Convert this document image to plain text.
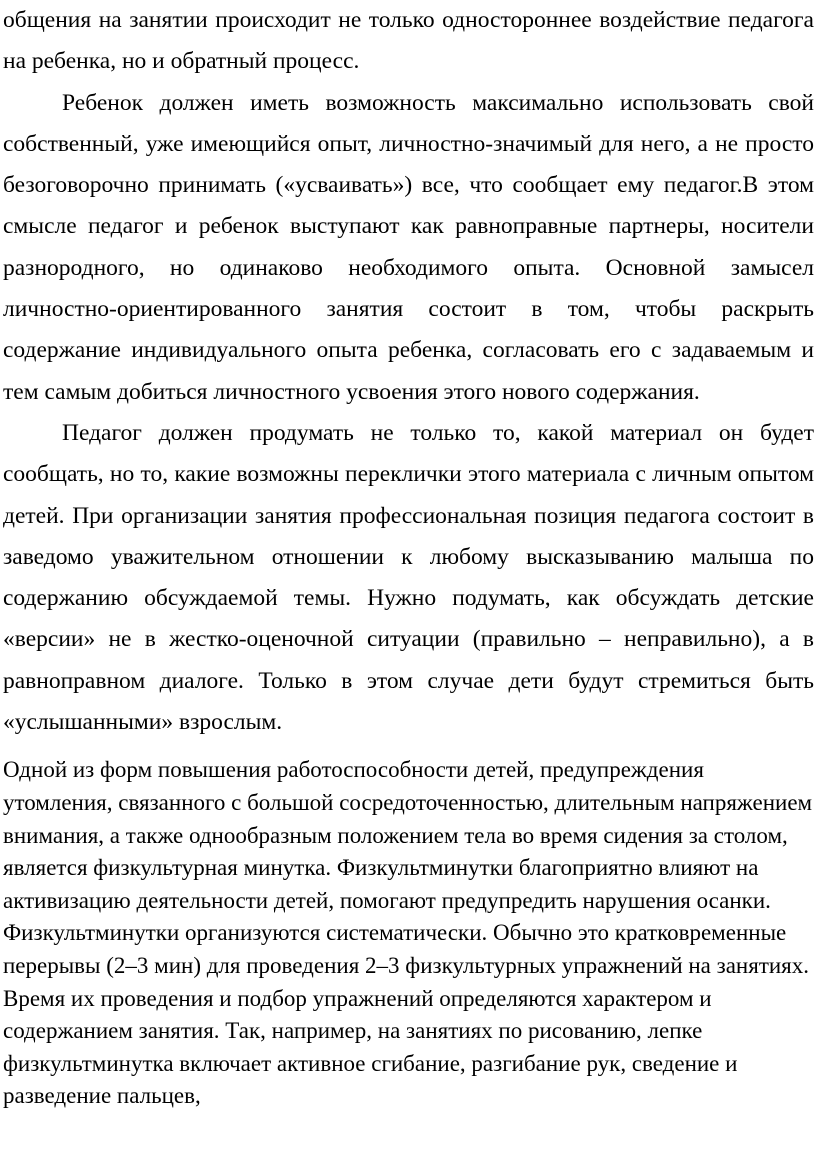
общения на занятии происходит не только одностороннее воздействие педагога на ребенка, но и обратный процесс.

Ребенок должен иметь возможность максимально использовать свой собственный, уже имеющийся опыт, личностно-значимый для него, а не просто безоговорочно принимать («усваивать») все, что сообщает ему педагог.В этом смысле педагог и ребенок выступают как равноправные партнеры, носители разнородного, но одинаково необходимого опыта. Основной замысел личностно-ориентированного занятия состоит в том, чтобы раскрыть содержание индивидуального опыта ребенка, согласовать его с задаваемым и тем самым добиться личностного усвоения этого нового содержания.

Педагог должен продумать не только то, какой материал он будет сообщать, но то, какие возможны переклички этого материала с личным опытом детей. При организации занятия профессиональная позиция педагога состоит в заведомо уважительном отношении к любому высказыванию малыша по содержанию обсуждаемой темы. Нужно подумать, как обсуждать детские «версии» не в жестко-оценочной ситуации (правильно – неправильно), а в равноправном диалоге. Только в этом случае дети будут стремиться быть «услышанными» взрослым.

Одной из форм повышения работоспособности детей, предупреждения утомления, связанного с большой сосредоточенностью, длительным напряжением внимания, а также однообразным положением тела во время сидения за столом, является физкультурная минутка. Физкультминутки благоприятно влияют на активизацию деятельности детей, помогают предупредить нарушения осанки. Физкультминутки организуются систематически. Обычно это кратковременные перерывы (2–3 мин) для проведения 2–3 физкультурных упражнений на занятиях. Время их проведения и подбор упражнений определяются характером и содержанием занятия. Так, например, на занятиях по рисованию, лепке физкультминутка включает активное сгибание, разгибание рук, сведение и разведение пальцев,
